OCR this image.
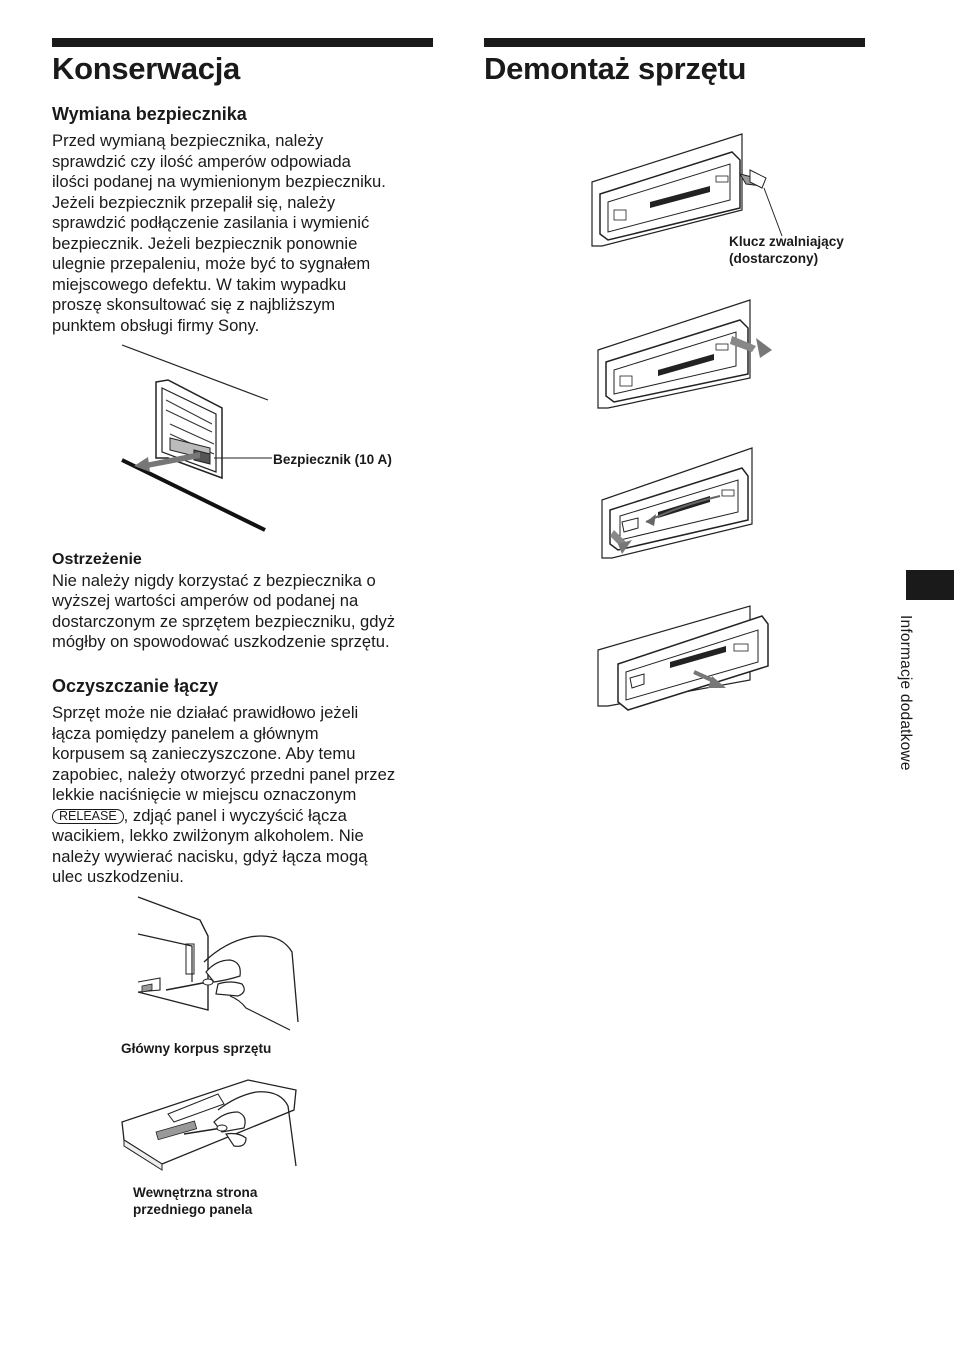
Konserwacja
Wymiana bezpiecznika
Przed wymianą bezpiecznika, należy
sprawdzić czy ilość amperów odpowiada
ilości podanej na wymienionym bezpieczniku.
Jeżeli bezpiecznik przepalił się, należy
sprawdzić podłączenie zasilania i wymienić
bezpiecznik. Jeżeli bezpiecznik ponownie
ulegnie przepaleniu, może być to sygnałem
miejscowego defektu. W takim wypadku
proszę skonsultować się z najbliższym
punktem obsługi firmy Sony.
Bezpiecznik (10 A)
Ostrzeżenie
Nie należy nigdy korzystać z bezpiecznika o
wyższej wartości amperów od podanej na
dostarczonym ze sprzętem bezpieczniku, gdyż
mógłby on spowodować uszkodzenie sprzętu.
Oczyszczanie łączy
Sprzęt może nie działać prawidłowo jeżeli
łącza pomiędzy panelem a głównym
korpusem są zanieczyszczone. Aby temu
zapobiec, należy otworzyć przedni panel przez
lekkie naciśnięcie w miejscu oznaczonym
RELEASE , zdjąć panel i wyczyścić łącza
wacikiem, lekko zwilżonym alkoholem. Nie
należy wywierać nacisku, gdyż łącza mogą
ulec uszkodzeniu.
Główny korpus sprzętu
Wewnętrzna strona
przedniego panela
Demontaż sprzętu
Klucz zwalniający
(dostarczony)
Informacje dodatkowe
